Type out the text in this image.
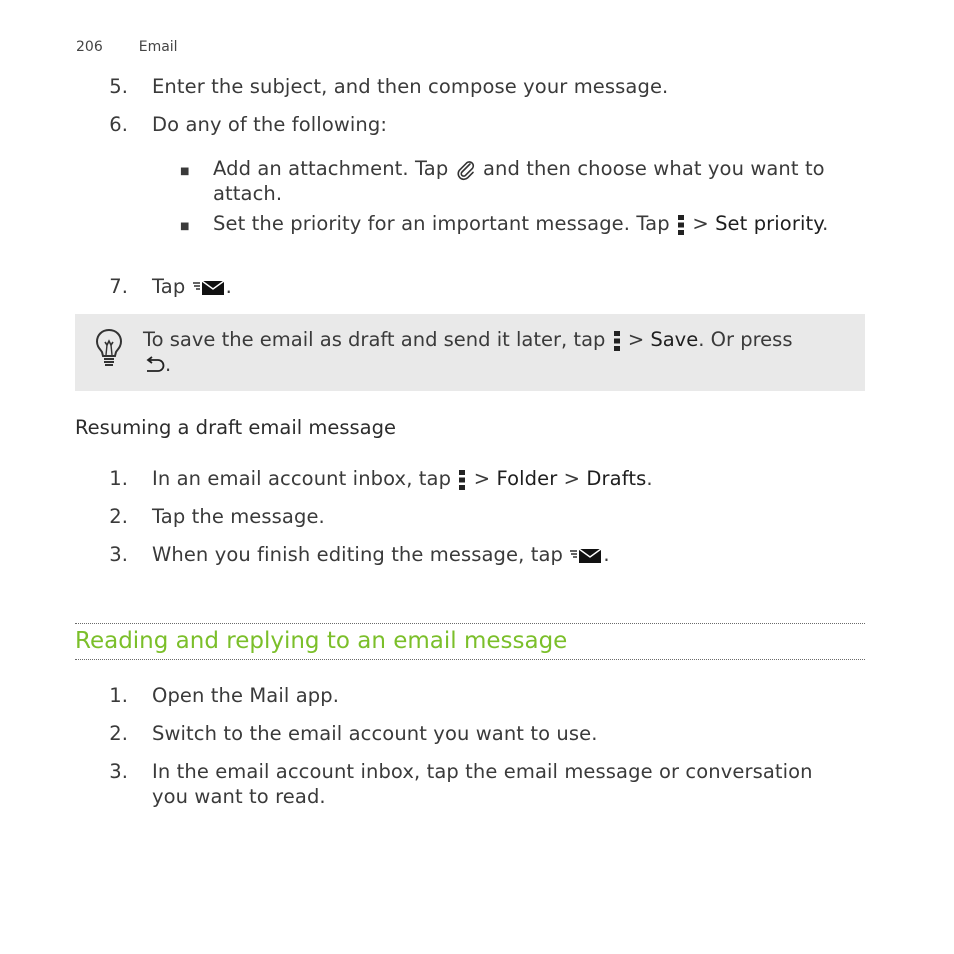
206	Email
5. Enter the subject, and then compose your message.
6. Do any of the following:
■ Add an attachment. Tap and then choose what you want to attach.
■ Set the priority for an important message. Tap > Set priority.
7. Tap .
To save the email as draft and send it later, tap > Save. Or press
.
Resuming a draft email message
1. In an email account inbox, tap > Folder > Drafts.
2. Tap the message.
3. When you finish editing the message, tap .
Reading and replying to an email message
1. Open the Mail app.
2. Switch to the email account you want to use.
3. In the email account inbox, tap the email message or conversation you want to read.
